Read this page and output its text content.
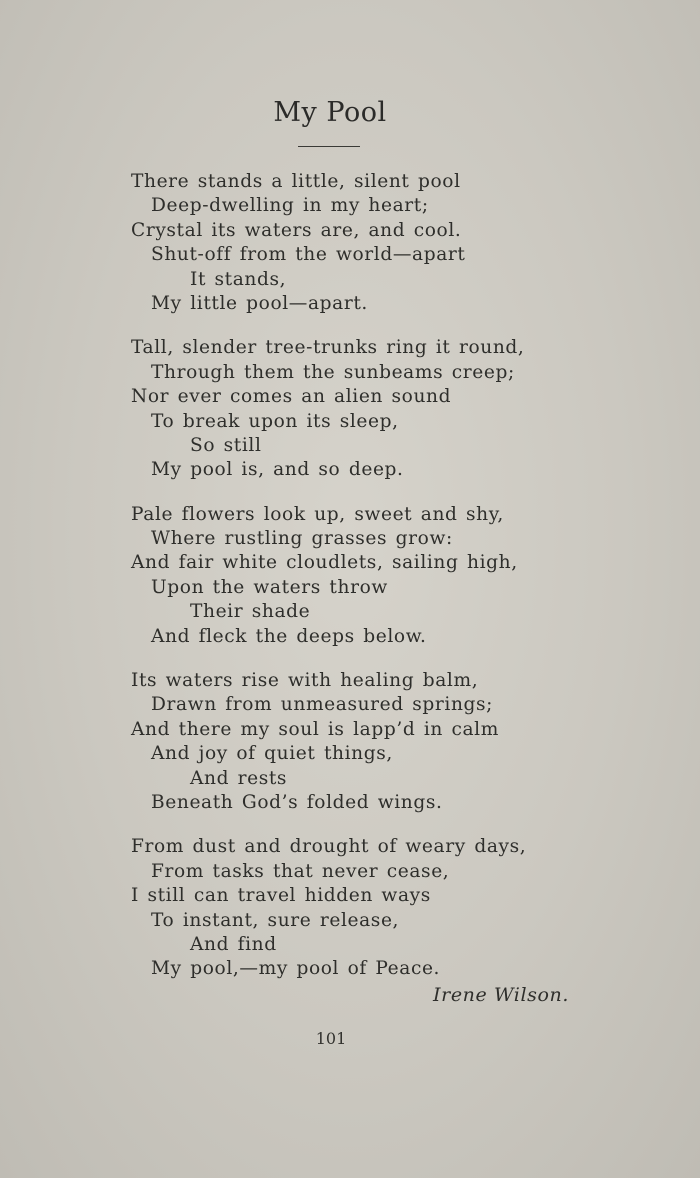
My Pool
There stands a little, silent pool
Deep-dwelling in my heart;
Crystal its waters are, and cool.
Shut-off from the world—apart
It stands,
My little pool—apart.
Tall, slender tree-trunks ring it round,
Through them the sunbeams creep;
Nor ever comes an alien sound
To break upon its sleep,
So still
My pool is, and so deep.
Pale flowers look up, sweet and shy,
Where rustling grasses grow:
And fair white cloudlets, sailing high,
Upon the waters throw
Their shade
And fleck the deeps below.
Its waters rise with healing balm,
Drawn from unmeasured springs;
And there my soul is lapp’d in calm
And joy of quiet things,
And rests
Beneath God’s folded wings.
From dust and drought of weary days,
From tasks that never cease,
I still can travel hidden ways
To instant, sure release,
And find
My pool,—my pool of Peace.
Irene Wilson.
101
